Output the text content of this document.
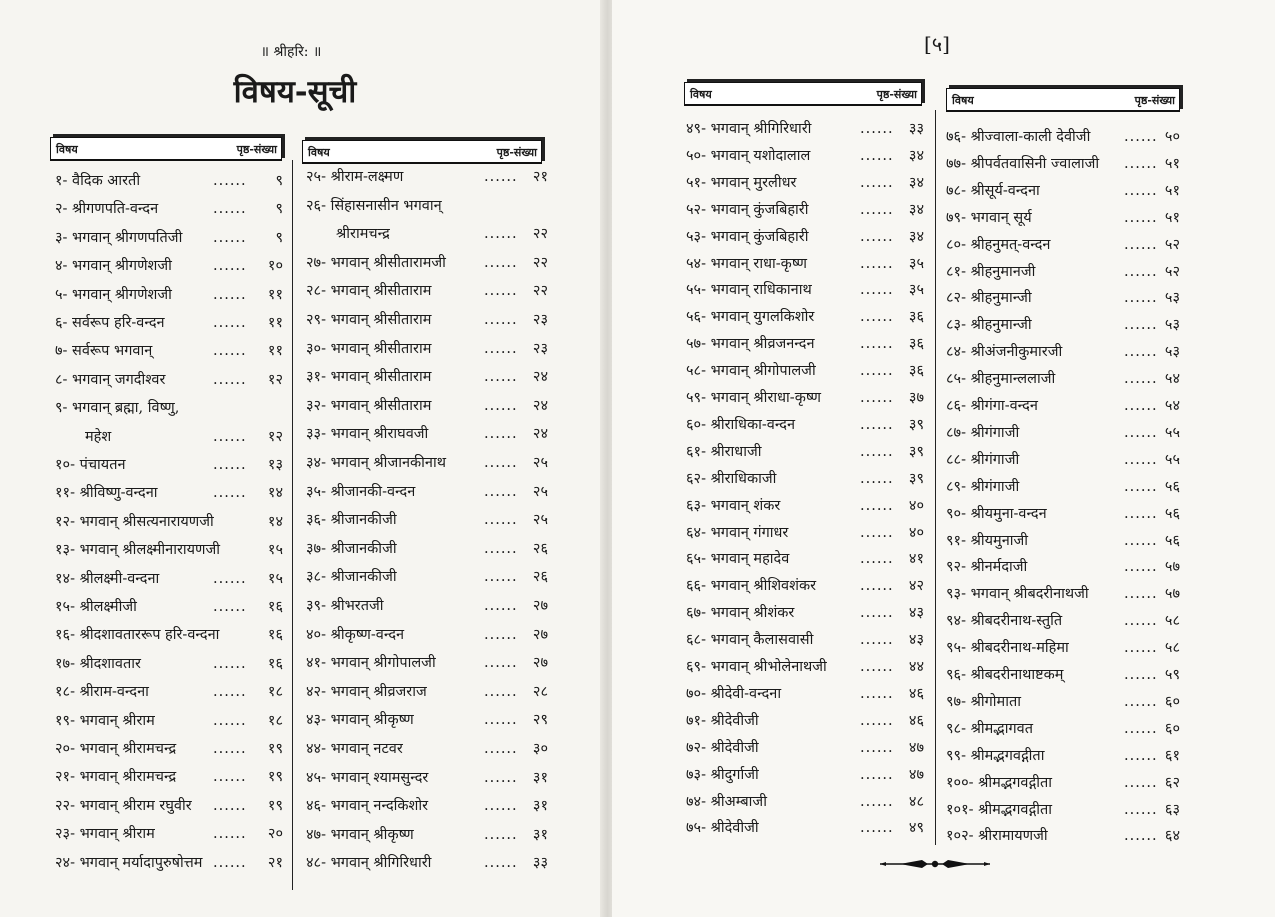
॥ श्रीहरि: ॥
विषय-सूची
[५]
विषय	पृष्ठ-संख्या	विषय	पृष्ठ-संख्या
विषय	पृष्ठ-संख्या	विषय	पृष्ठ-संख्या
१- वैदिक आरती	......	९
२- श्रीगणपति-वन्दन	......	९
३- भगवान् श्रीगणपतिजी ......	९
४- भगवान् श्रीगणेशजी	......	१०
५- भगवान् श्रीगणेशजी	......	११
६- सर्वरूप हरि-वन्दन	......	११
७- सर्वरूप भगवान्	......	११
८- भगवान् जगदीश्वर	......	१२
९- भगवान् ब्रह्मा, विष्णु,
महेश	......	१२
१०- पंचायतन	......	१३
११- श्रीविष्णु-वन्दना	......	१४
१२- भगवान् श्रीसत्यनारायणजी	१४
१३- भगवान् श्रीलक्ष्मीनारायणजी	१५
१४- श्रीलक्ष्मी-वन्दना	......	१५
१५- श्रीलक्ष्मीजी	......	१६
१६- श्रीदशावताररूप हरि-वन्दना	१६
१७- श्रीदशावतार	......	१६
१८- श्रीराम-वन्दना	......	१८
१९- भगवान् श्रीराम	......	१८
२०- भगवान् श्रीरामचन्द्र	......	१९
२१- भगवान् श्रीरामचन्द्र	......	१९
२२- भगवान् श्रीराम रघुवीर ......	१९
२३- भगवान् श्रीराम	......	२०
२४- भगवान् मर्यादापुरुषोत्तम ......	२१
२५- श्रीराम-लक्ष्मण	......	२१
२६- सिंहासनासीन भगवान्
श्रीरामचन्द्र	......	२२
२७- भगवान् श्रीसीतारामजी	......	२२
२८- भगवान् श्रीसीताराम	......	२२
२९- भगवान् श्रीसीताराम	......	२३
३०- भगवान् श्रीसीताराम	......	२३
३१- भगवान् श्रीसीताराम	......	२४
३२- भगवान् श्रीसीताराम	......	२४
३३- भगवान् श्रीराघवजी	......	२४
३४- भगवान् श्रीजानकीनाथ	......	२५
३५- श्रीजानकी-वन्दन	......	२५
३६- श्रीजानकीजी	......	२५
३७- श्रीजानकीजी	......	२६
३८- श्रीजानकीजी	......	२६
३९- श्रीभरतजी	......	२७
४०- श्रीकृष्ण-वन्दन	......	२७
४१- भगवान् श्रीगोपालजी	......	२७
४२- भगवान् श्रीव्रजराज	......	२८
४३- भगवान् श्रीकृष्ण	......	२९
४४- भगवान् नटवर	......	३०
४५- भगवान् श्यामसुन्दर	......	३१
४६- भगवान् नन्दकिशोर	......	३१
४७- भगवान् श्रीकृष्ण	......	३१
४८- भगवान् श्रीगिरिधारी	......	३३
४९- भगवान् श्रीगिरिधारी	......	३३
५०- भगवान् यशोदालाल	......	३४
५१- भगवान् मुरलीधर	......	३४
५२- भगवान् कुंजबिहारी	......	३४
५३- भगवान् कुंजबिहारी	......	३४
५४- भगवान् राधा-कृष्ण	......	३५
५५- भगवान् राधिकानाथ	......	३५
५६- भगवान् युगलकिशोर	......	३६
५७- भगवान् श्रीव्रजनन्दन	......	३६
५८- भगवान् श्रीगोपालजी	......	३६
५९- भगवान् श्रीराधा-कृष्ण	......	३७
६०- श्रीराधिका-वन्दन	......	३९
६१- श्रीराधाजी	......	३९
६२- श्रीराधिकाजी	......	३९
६३- भगवान् शंकर	......	४०
६४- भगवान् गंगाधर	......	४०
६५- भगवान् महादेव	......	४१
६६- भगवान् श्रीशिवशंकर	......	४२
६७- भगवान् श्रीशंकर	......	४३
६८- भगवान् कैलासवासी	......	४३
६९- भगवान् श्रीभोलेनाथजी ......	४४
७०- श्रीदेवी-वन्दना	......	४६
७१- श्रीदेवीजी	......	४६
७२- श्रीदेवीजी	......	४७
७३- श्रीदुर्गाजी	......	४७
७४- श्रीअम्बाजी	......	४८
७५- श्रीदेवीजी	......	४९
७६- श्रीज्वाला-काली देवीजी ...... ५०
७७- श्रीपर्वतवासिनी ज्वालाजी ...... ५१
७८- श्रीसूर्य-वन्दना	...... ५१
७९- भगवान् सूर्य	...... ५१
८०- श्रीहनुमत्-वन्दन	...... ५२
८१- श्रीहनुमानजी	...... ५२
८२- श्रीहनुमान्जी	...... ५३
८३- श्रीहनुमान्जी	...... ५३
८४- श्रीअंजनीकुमारजी	...... ५३
८५- श्रीहनुमान्ललाजी	...... ५४
८६- श्रीगंगा-वन्दन	...... ५४
८७- श्रीगंगाजी	...... ५५
८८- श्रीगंगाजी	...... ५५
८९- श्रीगंगाजी	...... ५६
९०- श्रीयमुना-वन्दन	...... ५६
९१- श्रीयमुनाजी	...... ५६
९२- श्रीनर्मदाजी	...... ५७
९३- भगवान् श्रीबदरीनाथजी ...... ५७
९४- श्रीबदरीनाथ-स्तुति	...... ५८
९५- श्रीबदरीनाथ-महिमा	...... ५८
९६- श्रीबदरीनाथाष्टकम्	...... ५९
९७- श्रीगोमाता	...... ६०
९८- श्रीमद्भागवत	...... ६०
९९- श्रीमद्भगवद्गीता	...... ६१
१००- श्रीमद्भगवद्गीता	...... ६२
१०१- श्रीमद्भगवद्गीता	...... ६३
१०२- श्रीरामायणजी	...... ६४
